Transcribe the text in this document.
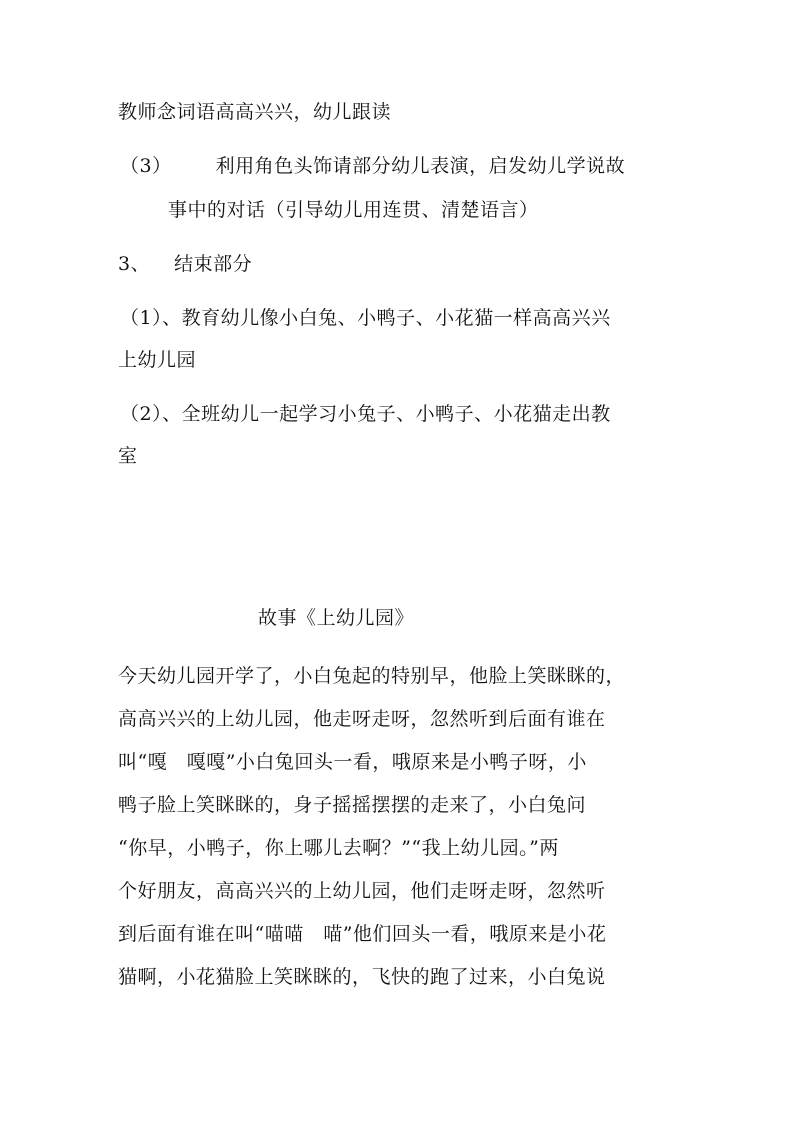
教师念词语高高兴兴，幼儿跟读
（3） 利用角色头饰请部分幼儿表演，启发幼儿学说故
事中的对话（引导幼儿用连贯、清楚语言）
3、 结束部分
（1）、教育幼儿像小白兔、小鸭子、小花猫一样高高兴兴
上幼儿园
（2）、全班幼儿一起学习小兔子、小鸭子、小花猫走出教
室
故事《上幼儿园》
今天幼儿园开学了，小白兔起的特别早，他脸上笑眯眯的，
高高兴兴的上幼儿园，他走呀走呀，忽然听到后面有谁在
叫“嘎　嘎嘎”小白兔回头一看，哦原来是小鸭子呀，小
鸭子脸上笑眯眯的，身子摇摇摆摆的走来了，小白兔问
“你早，小鸭子，你上哪儿去啊？”“我上幼儿园。”两
个好朋友，高高兴兴的上幼儿园，他们走呀走呀，忽然听
到后面有谁在叫“喵喵　喵”他们回头一看，哦原来是小花
猫啊，小花猫脸上笑眯眯的，飞快的跑了过来，小白兔说
